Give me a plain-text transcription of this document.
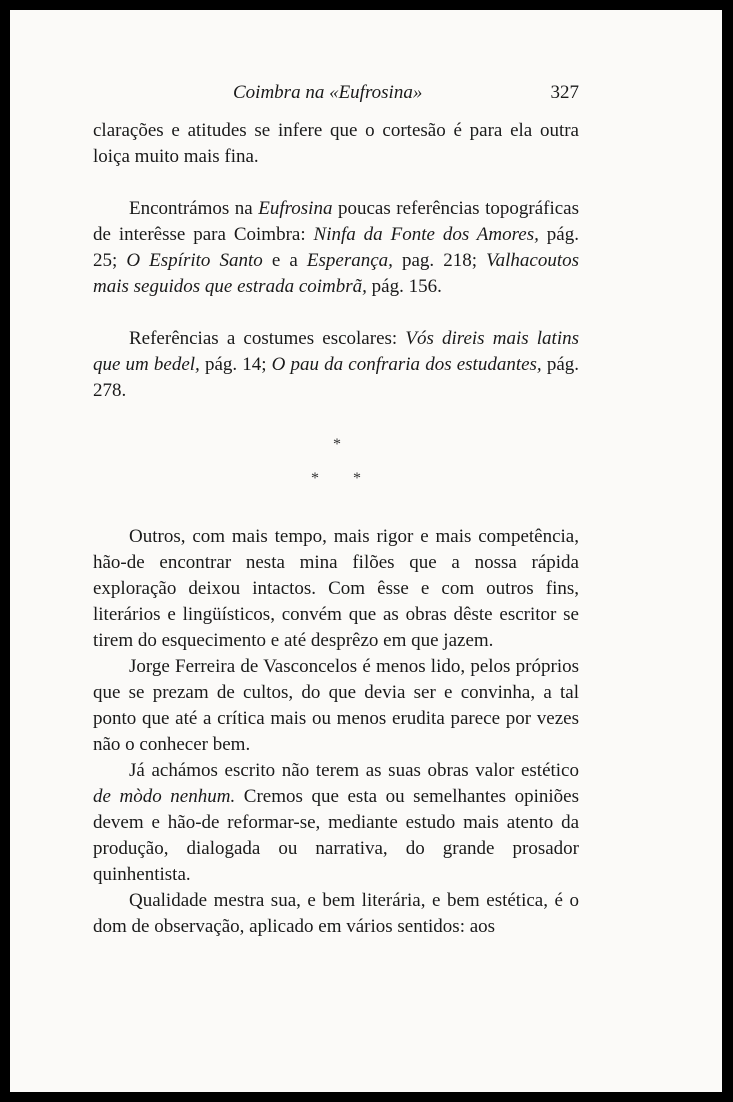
Coimbra na «Eufrosina»	327

clarações e atitudes se infere que o cortesão é para ela outra loiça muito mais fina.

Encontrámos na Eufrosina poucas referências topográficas de interêsse para Coimbra: Ninfa da Fonte dos Amores, pág. 25; O Espírito Santo e a Esperança, pag. 218; Valhacoutos mais seguidos que estrada coimbrã, pág. 156.

Referências a costumes escolares: Vós direis mais latins que um bedel, pág. 14; O pau da confraria dos estudantes, pág. 278.

*
* *

Outros, com mais tempo, mais rigor e mais competência, hão-de encontrar nesta mina filões que a nossa rápida exploração deixou intactos. Com êsse e com outros fins, literários e lingüísticos, convém que as obras dêste escritor se tirem do esquecimento e até desprêzo em que jazem.

Jorge Ferreira de Vasconcelos é menos lido, pelos próprios que se prezam de cultos, do que devia ser e convinha, a tal ponto que até a crítica mais ou menos erudita parece por vezes não o conhecer bem.

Já achámos escrito não terem as suas obras valor estético de mòdo nenhum. Cremos que esta ou semelhantes opiniões devem e hão-de reformar-se, mediante estudo mais atento da produção, dialogada ou narrativa, do grande prosador quinhentista.

Qualidade mestra sua, e bem literária, e bem estética, é o dom de observação, aplicado em vários sentidos: aos
